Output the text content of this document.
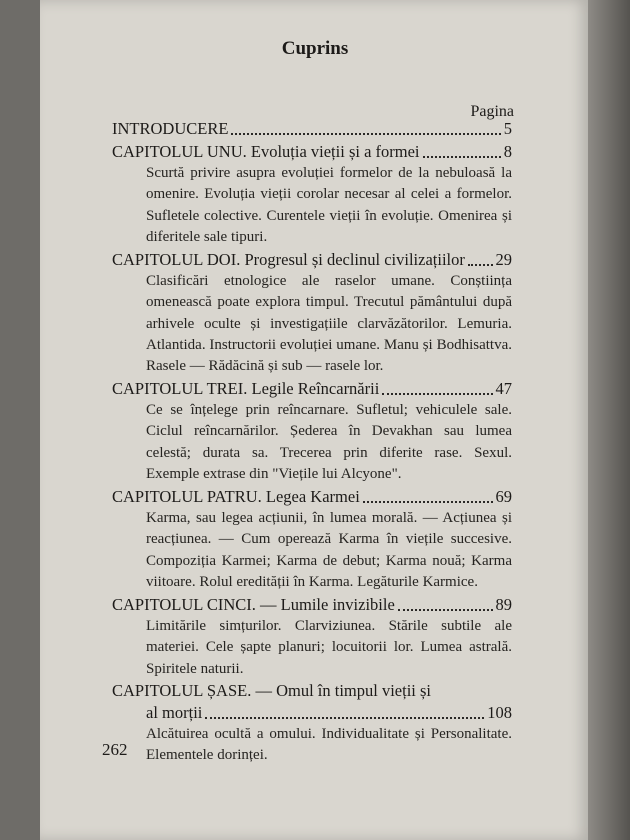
Cuprins
Pagina
INTRODUCERE	5
CAPITOLUL UNU. Evoluția vieții și a formei	8
Scurtă privire asupra evoluției formelor de la nebuloasă la omenire. Evoluția vieții corolar necesar al celei a formelor. Sufletele colective. Curentele vieții în evoluție. Omenirea și diferitele sale tipuri.
CAPITOLUL DOI. Progresul și declinul civilizațiilor 29
Clasificări etnologice ale raselor umane. Conștiința omenească poate explora timpul. Trecutul pământului după arhivele oculte și investigațiile clarvăzătorilor. Lemuria. Atlantida. Instructorii evoluției umane. Manu și Bodhisattva. Rasele — Rădăcină și sub — rasele lor.
CAPITOLUL TREI. Legile Reîncarnării	47
Ce se înțelege prin reîncarnare. Sufletul; vehiculele sale. Ciclul reîncarnărilor. Șederea în Devakhan sau lumea celestă; durata sa. Trecerea prin diferite rase. Sexul. Exemple extrase din "Viețile lui Alcyone".
CAPITOLUL PATRU. Legea Karmei	69
Karma, sau legea acțiunii, în lumea morală. — Acțiunea și reacțiunea. — Cum operează Karma în viețile succesive. Compoziția Karmei; Karma de debut; Karma nouă; Karma viitoare. Rolul eredității în Karma. Legăturile Karmice.
CAPITOLUL CINCI. — Lumile invizibile	89
Limitările simțurilor. Clarviziunea. Stările subtile ale materiei. Cele șapte planuri; locuitorii lor. Lumea astrală. Spiritele naturii.
CAPITOLUL ȘASE. — Omul în timpul vieții și
al morții	108
Alcătuirea ocultă a omului. Individualitate și Personalitate. Elementele dorinței.
262
